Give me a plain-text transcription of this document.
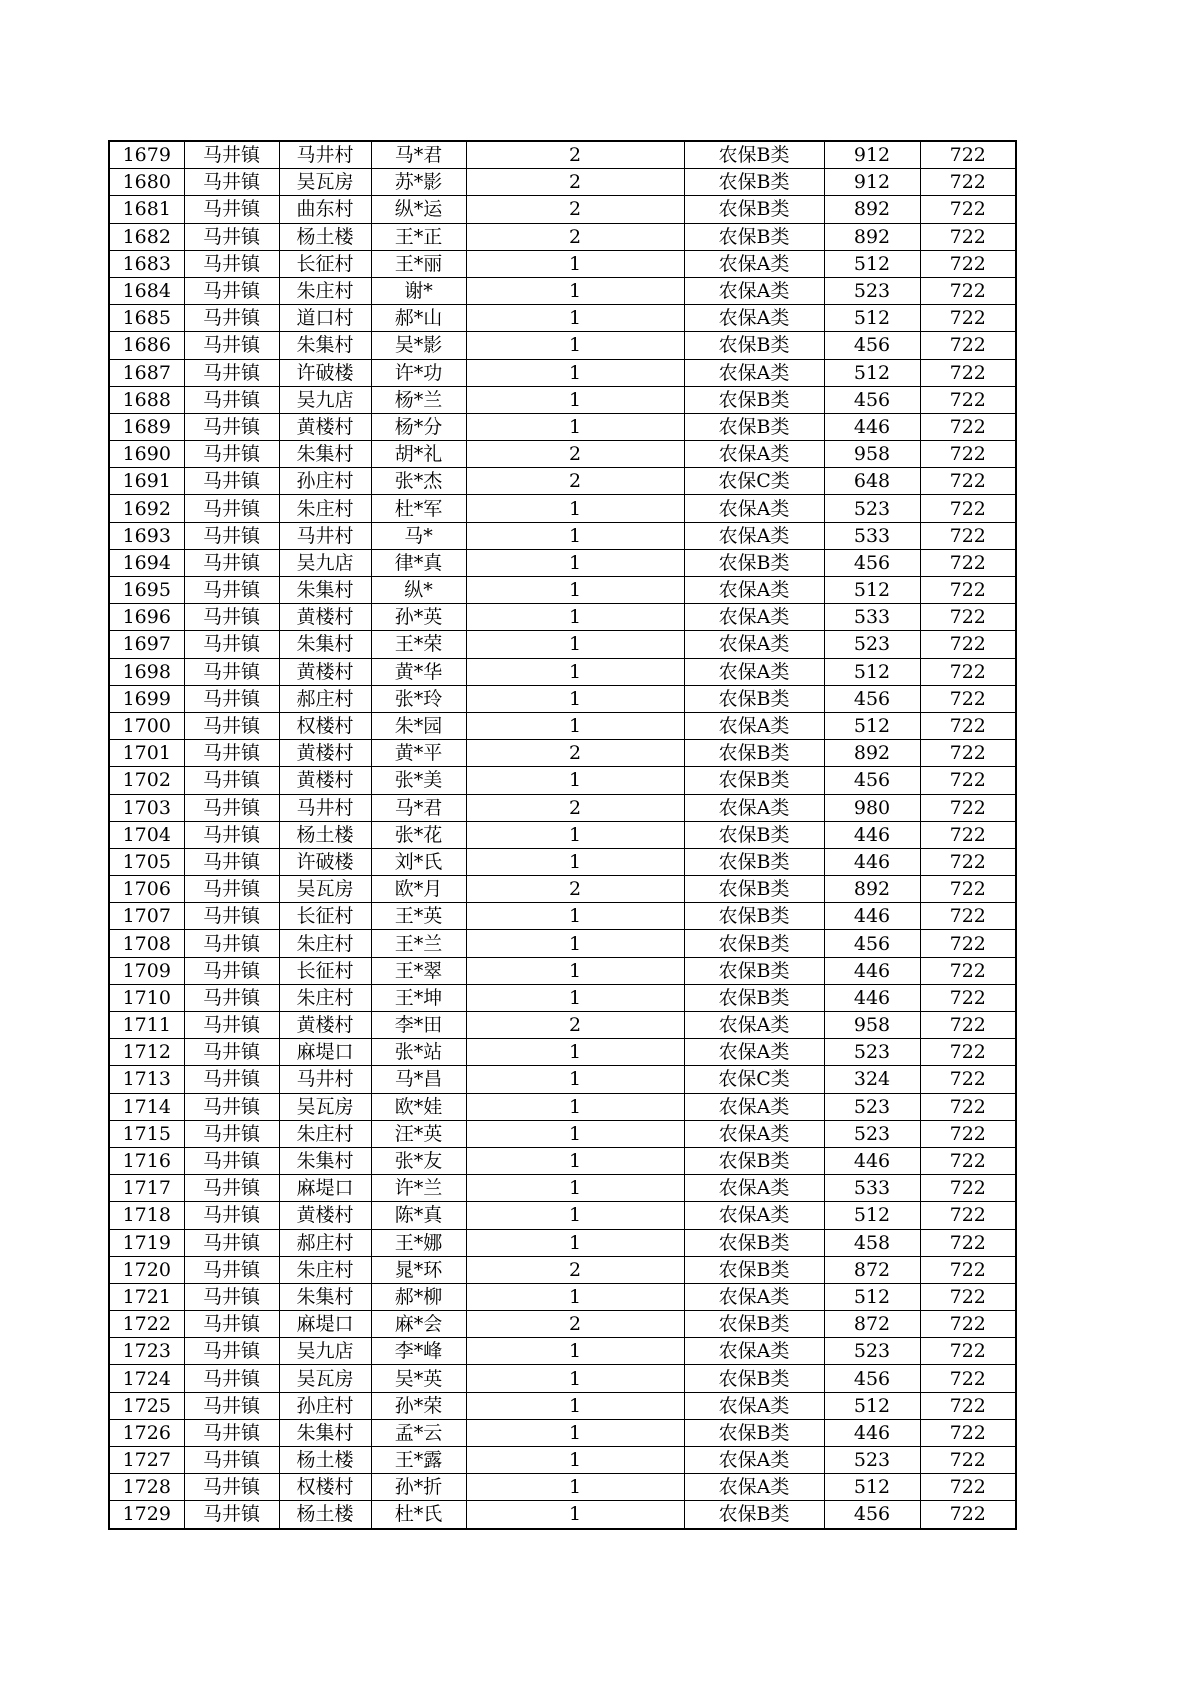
1679	马井镇	马井村	马*君	2	农保B类	912	722
1680	马井镇	吴瓦房	苏*影	2	农保B类	912	722
1681	马井镇	曲东村	纵*运	2	农保B类	892	722
1682	马井镇	杨土楼	王*正	2	农保B类	892	722
1683	马井镇	长征村	王*丽	1	农保A类	512	722
1684	马井镇	朱庄村	谢*	1	农保A类	523	722
1685	马井镇	道口村	郝*山	1	农保A类	512	722
1686	马井镇	朱集村	吴*影	1	农保B类	456	722
1687	马井镇	许破楼	许*功	1	农保A类	512	722
1688	马井镇	吴九店	杨*兰	1	农保B类	456	722
1689	马井镇	黄楼村	杨*分	1	农保B类	446	722
1690	马井镇	朱集村	胡*礼	2	农保A类	958	722
1691	马井镇	孙庄村	张*杰	2	农保C类	648	722
1692	马井镇	朱庄村	杜*军	1	农保A类	523	722
1693	马井镇	马井村	马*	1	农保A类	533	722
1694	马井镇	吴九店	律*真	1	农保B类	456	722
1695	马井镇	朱集村	纵*	1	农保A类	512	722
1696	马井镇	黄楼村	孙*英	1	农保A类	533	722
1697	马井镇	朱集村	王*荣	1	农保A类	523	722
1698	马井镇	黄楼村	黄*华	1	农保A类	512	722
1699	马井镇	郝庄村	张*玲	1	农保B类	456	722
1700	马井镇	权楼村	朱*园	1	农保A类	512	722
1701	马井镇	黄楼村	黄*平	2	农保B类	892	722
1702	马井镇	黄楼村	张*美	1	农保B类	456	722
1703	马井镇	马井村	马*君	2	农保A类	980	722
1704	马井镇	杨土楼	张*花	1	农保B类	446	722
1705	马井镇	许破楼	刘*氏	1	农保B类	446	722
1706	马井镇	吴瓦房	欧*月	2	农保B类	892	722
1707	马井镇	长征村	王*英	1	农保B类	446	722
1708	马井镇	朱庄村	王*兰	1	农保B类	456	722
1709	马井镇	长征村	王*翠	1	农保B类	446	722
1710	马井镇	朱庄村	王*坤	1	农保B类	446	722
1711	马井镇	黄楼村	李*田	2	农保A类	958	722
1712	马井镇	麻堤口	张*站	1	农保A类	523	722
1713	马井镇	马井村	马*昌	1	农保C类	324	722
1714	马井镇	吴瓦房	欧*娃	1	农保A类	523	722
1715	马井镇	朱庄村	汪*英	1	农保A类	523	722
1716	马井镇	朱集村	张*友	1	农保B类	446	722
1717	马井镇	麻堤口	许*兰	1	农保A类	533	722
1718	马井镇	黄楼村	陈*真	1	农保A类	512	722
1719	马井镇	郝庄村	王*娜	1	农保B类	458	722
1720	马井镇	朱庄村	晁*环	2	农保B类	872	722
1721	马井镇	朱集村	郝*柳	1	农保A类	512	722
1722	马井镇	麻堤口	麻*会	2	农保B类	872	722
1723	马井镇	吴九店	李*峰	1	农保A类	523	722
1724	马井镇	吴瓦房	吴*英	1	农保B类	456	722
1725	马井镇	孙庄村	孙*荣	1	农保A类	512	722
1726	马井镇	朱集村	孟*云	1	农保B类	446	722
1727	马井镇	杨土楼	王*露	1	农保A类	523	722
1728	马井镇	权楼村	孙*折	1	农保A类	512	722
1729	马井镇	杨土楼	杜*氏	1	农保B类	456	722
